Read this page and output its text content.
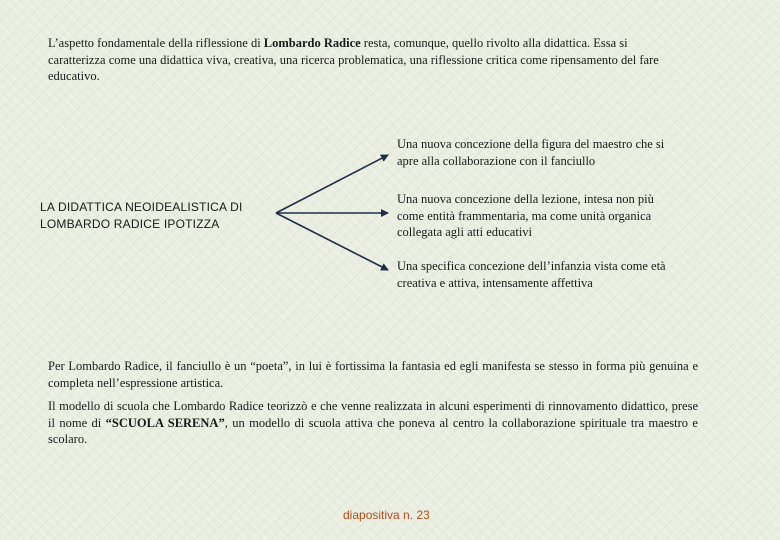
L’aspetto fondamentale della riflessione di Lombardo Radice resta, comunque, quello rivolto alla didattica. Essa si caratterizza come una didattica viva, creativa, una ricerca problematica, una riflessione critica come ripensamento del fare educativo.
LA DIDATTICA NEOIDEALISTICA DI LOMBARDO RADICE IPOTIZZA
Una nuova concezione della figura del maestro che si apre alla collaborazione con il fanciullo
Una nuova concezione della lezione, intesa non più come entità frammentaria, ma come unità organica collegata agli atti educativi
Una specifica concezione dell’infanzia vista come età creativa e attiva, intensamente affettiva
Per Lombardo Radice, il fanciullo è un “poeta”, in lui è fortissima la fantasia ed egli manifesta se stesso in forma più genuina e completa nell’espressione artistica.
Il modello di scuola che Lombardo Radice teorizzò e che venne realizzata in alcuni esperimenti di rinnovamento didattico, prese il nome di “SCUOLA SERENA”, un modello di scuola attiva che poneva al centro la collaborazione spirituale tra maestro e scolaro.
diapositiva n. 23
